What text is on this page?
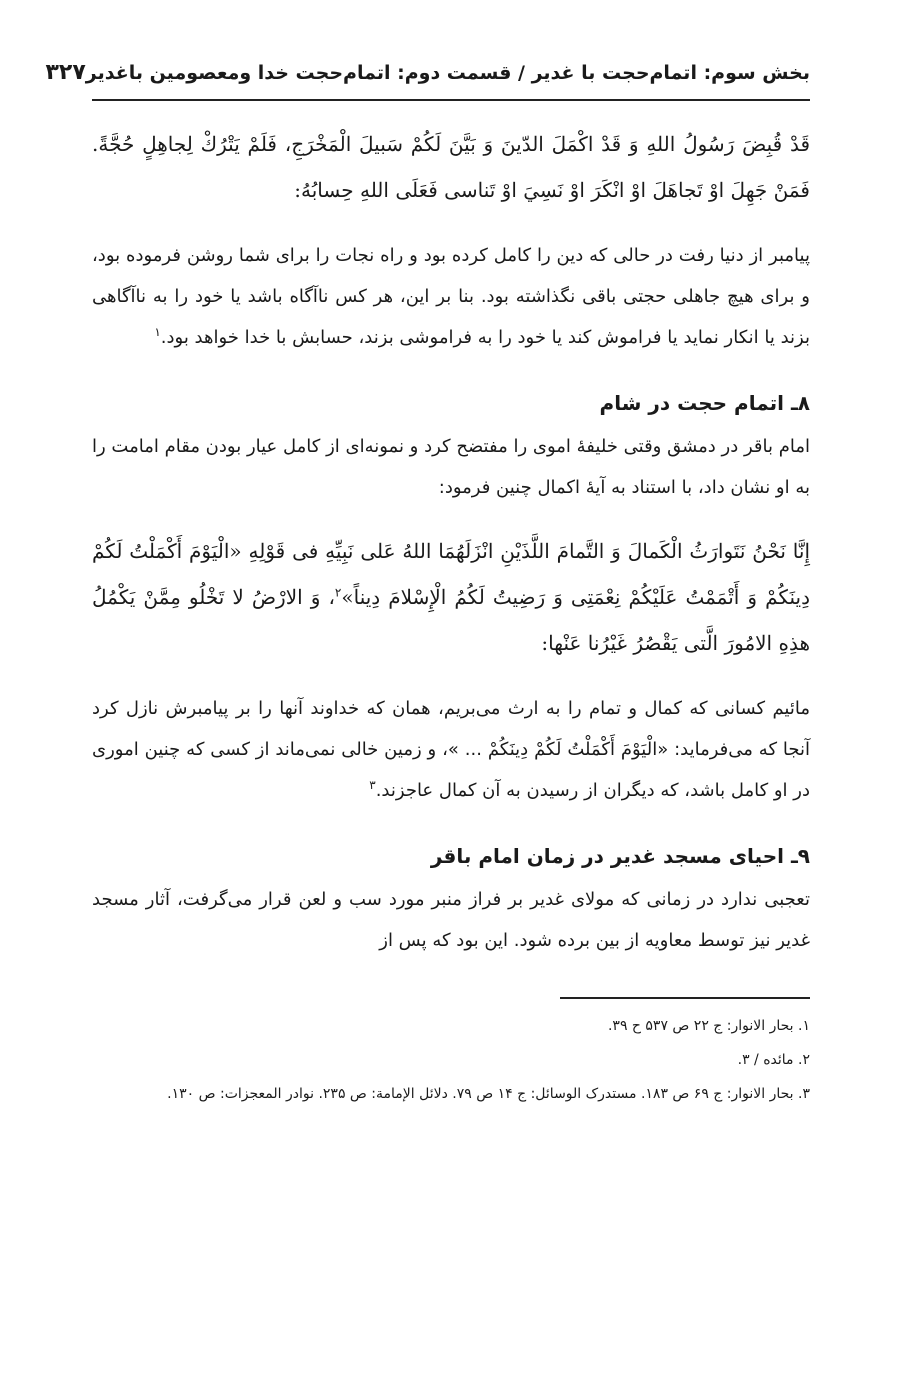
بخش سوم: اتمام‌حجت با غدیر / قسمت دوم: اتمام‌حجت خدا ومعصومین باغدیر
۳۲۷

قَدْ قُبِضَ رَسُولُ اللهِ وَ قَدْ اكْمَلَ الدّينَ وَ بَيَّنَ لَكُمْ سَبيلَ الْمَخْرَجِ، فَلَمْ يَتْرُكْ لِجاهِلٍ حُجَّةً. فَمَنْ جَهِلَ اوْ تَجاهَلَ اوْ انْكَرَ اوْ نَسِيَ اوْ تَناسى فَعَلَى اللهِ حِسابُهُ:

پیامبر از دنیا رفت در حالی که دین را کامل کرده بود و راه نجات را برای شما روشن فرموده بود، و برای هیچ جاهلی حجتی باقی نگذاشته بود. بنا بر این، هر کس ناآگاه باشد یا خود را به ناآگاهی بزند یا انکار نماید یا فراموش کند یا خود را به فراموشی بزند، حسابش با خدا خواهد بود.$^۱$

۸ـ اتمام حجت در شام

امام باقر در دمشق وقتی خلیفهٔ اموی را مفتضح کرد و نمونه‌ای از کامل عیار بودن مقام امامت را به او نشان داد، با استناد به آیهٔ اکمال چنین فرمود:

إِنَّا نَحْنُ نَتَوارَثُ الْكَمالَ وَ التَّمامَ اللَّذَيْنِ انْزَلَهُمَا اللهُ عَلى نَبِيِّهِ فى قَوْلِهِ «الْيَوْمَ أَكْمَلْتُ لَكُمْ دِينَكُمْ وَ أَتْمَمْتُ عَلَيْكُمْ نِعْمَتِى وَ رَضِيتُ لَكُمُ الْإِسْلامَ دِيناً»$^۲$، وَ الارْضُ لا تَخْلُو مِمَّنْ يَكْمُلُ هذِهِ الامُورَ الَّتى يَقْصُرُ غَيْرُنا عَنْها:

مائیم کسانی که کمال و تمام را به ارث می‌بریم، همان که خداوند آنها را بر پیامبرش نازل کرد آنجا که می‌فرماید: «الْيَوْمَ أَكْمَلْتُ لَكُمْ دِينَكُمْ ... »، و زمین خالی نمی‌ماند از کسی که چنین اموری در او کامل باشد، که دیگران از رسیدن به آن کمال عاجزند.$^۳$

۹ـ احیای مسجد غدیر در زمان امام باقر

تعجبی ندارد در زمانی که مولای غدیر بر فراز منبر مورد سب و لعن قرار می‌گرفت، آثار مسجد غدیر نیز توسط معاویه از بین برده شود. این بود که پس از

۱. بحار الانوار: ج ۲۲ ص ۵۳۷ ح ۳۹.
۲. مائده / ۳.
۳. بحار الانوار: ج ۶۹ ص ۱۸۳. مستدرک الوسائل: ج ۱۴ ص ۷۹. دلائل الإمامة: ص ۲۳۵. نوادر المعجزات: ص ۱۳۰.
